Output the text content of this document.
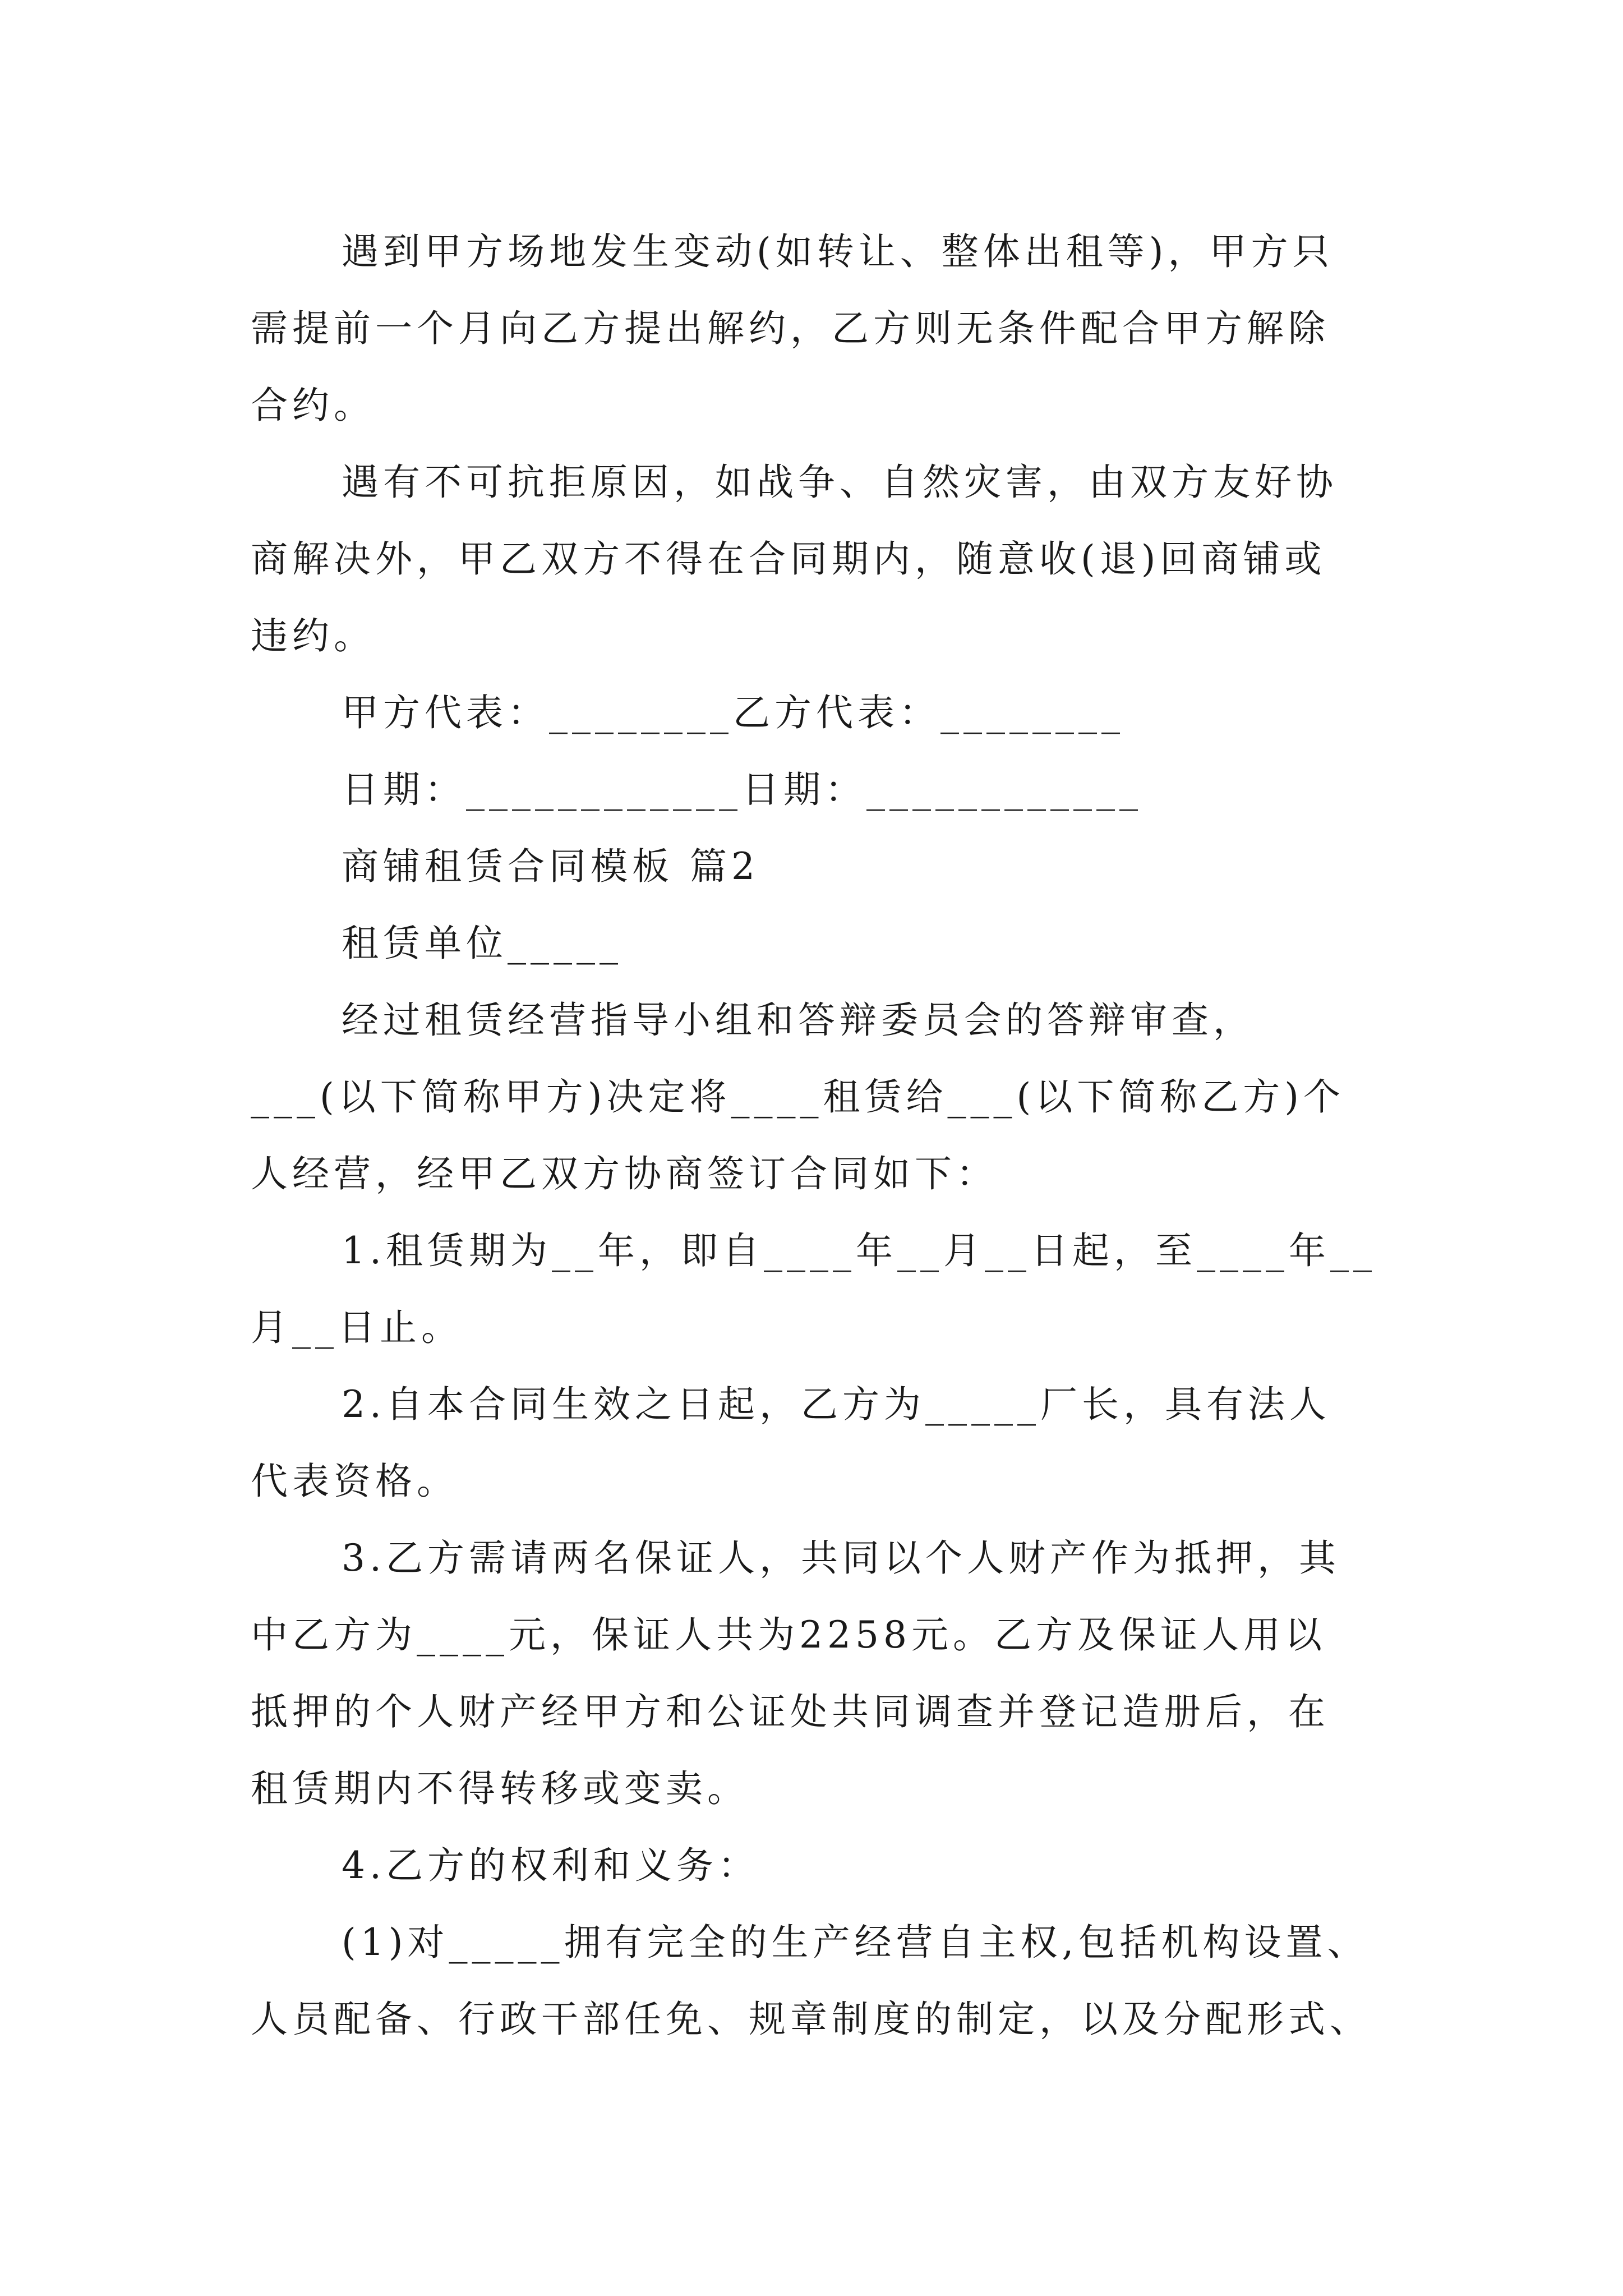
遇到甲方场地发生变动(如转让、整体出租等)，甲方只

需提前一个月向乙方提出解约，乙方则无条件配合甲方解除

合约。

遇有不可抗拒原因，如战争、自然灾害，由双方友好协

商解决外，甲乙双方不得在合同期内，随意收(退)回商铺或

违约。

甲方代表：________乙方代表：________

日期：____________日期：____________

商铺租赁合同模板 篇2

租赁单位_____

经过租赁经营指导小组和答辩委员会的答辩审查，

___(以下简称甲方)决定将____租赁给___(以下简称乙方)个

人经营，经甲乙双方协商签订合同如下：

1.租赁期为__年，即自____年__月__日起，至____年__

月__日止。

2.自本合同生效之日起，乙方为_____厂长，具有法人

代表资格。

3.乙方需请两名保证人，共同以个人财产作为抵押，其

中乙方为____元，保证人共为2258元。乙方及保证人用以

抵押的个人财产经甲方和公证处共同调查并登记造册后，在

租赁期内不得转移或变卖。

4.乙方的权利和义务：

(1)对_____拥有完全的生产经营自主权,包括机构设置、

人员配备、行政干部任免、规章制度的制定，以及分配形式、
